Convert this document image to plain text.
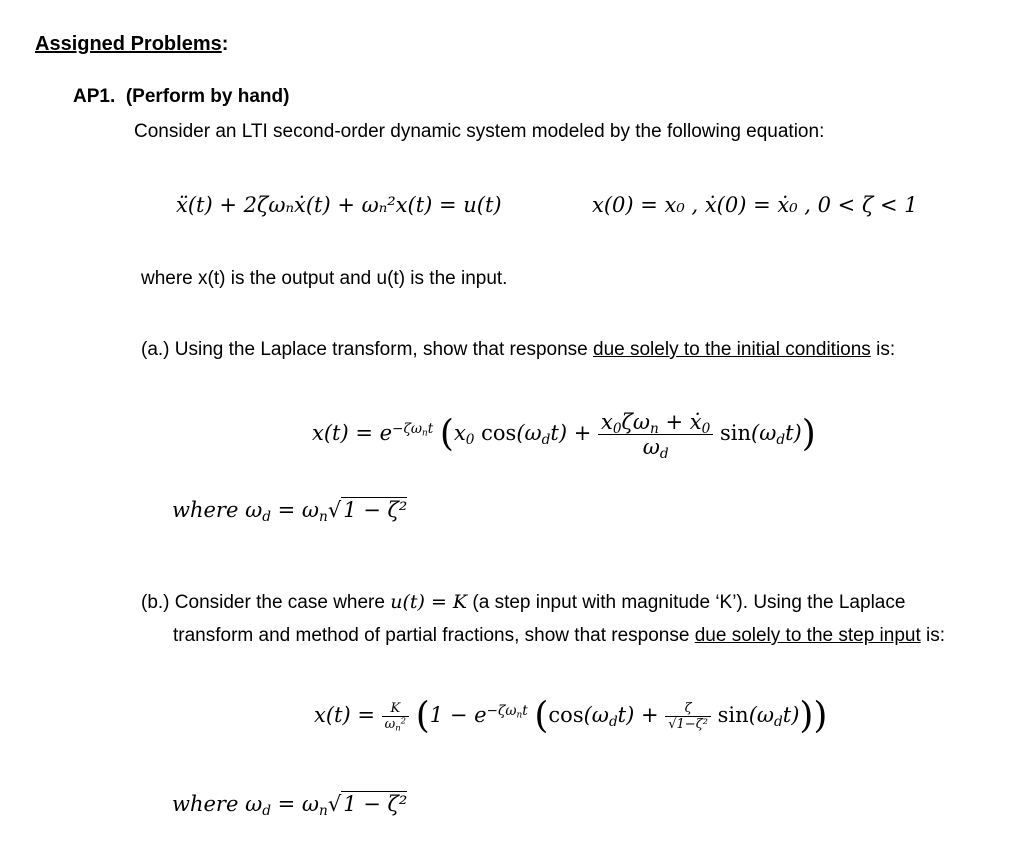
Assigned Problems:
AP1. (Perform by hand)
Consider an LTI second-order dynamic system modeled by the following equation:
ẍ(t) + 2ζωₙẋ(t) + ωₙ²x(t) = u(t)	x(0) = x₀ , ẋ(0) = ẋ₀ , 0 < ζ < 1
where x(t) is the output and u(t) is the input.
(a.) Using the Laplace transform, show that response due solely to the initial conditions is:
$x(t) = e^{-\zeta\omega_nt}$ ($x_0$ $\cos(\omega_dt) + \frac{x_0\zeta\omega_n + ẋ_0}{\omega_d} \sin(\omega_dt)$)
where $\omega_d = \omega_n√1 - \zeta^2$
(b.) Consider the case where u(t) = K (a step input with magnitude ‘K’). Using the Laplace
transform and method of partial fractions, show that response due solely to the step input is:
$x(t) = \frac{K}{\omega_n^2} (1 - e^{-\zeta\omega_nt}$ $(\cos(\omega_dt) + \frac{\zeta}{\text{√1−ζ²}} \sin(\omega_dt))$)
where $\omega_d = \omega_n√1 - \zeta^2$
